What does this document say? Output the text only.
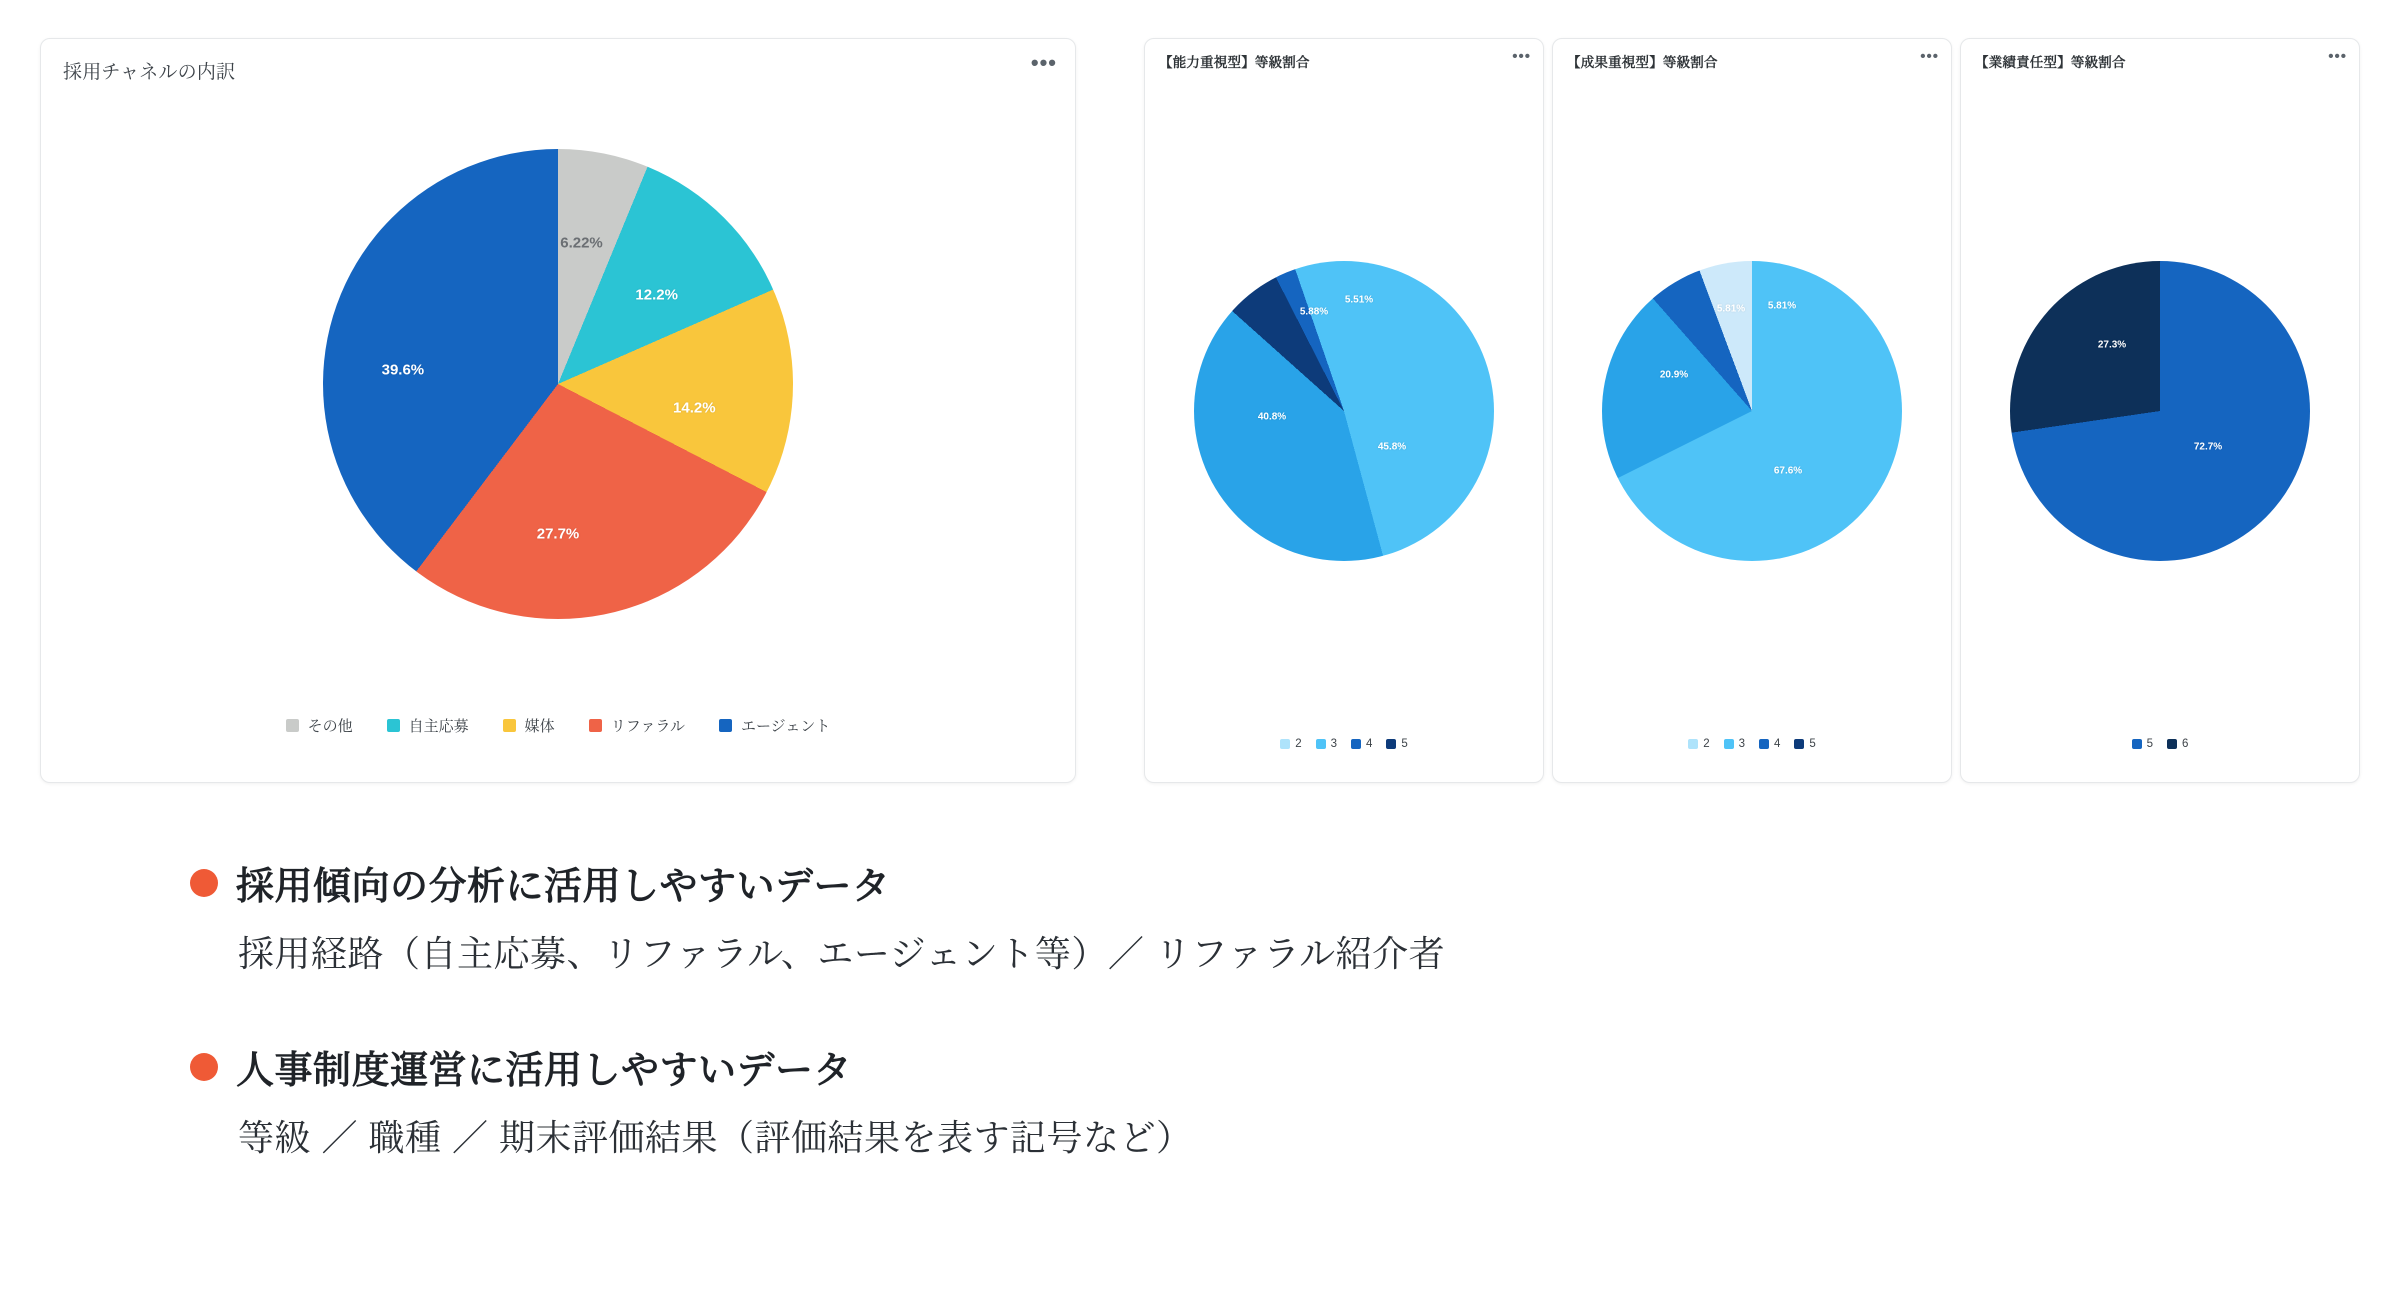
採用チャネルの内訳	•••
6.22%
12.2%
14.2%
27.7%
39.6%
その他	自主応募	媒体	リファラル	エージェント
【能力重視型】等級割合	•••
45.8%
40.8%
5.88%
5.51%
2	3	4	5
【成果重視型】等級割合	•••
67.6%
20.9%
5.81% 5.81%
2	3	4	5
【業績責任型】等級割合	•••
72.7%
27.3%
5	6
採用傾向の分析に活用しやすいデータ
採用経路（自主応募、リファラル、エージェント等）／ リファラル紹介者
人事制度運営に活用しやすいデータ
等級 ／ 職種 ／ 期末評価結果（評価結果を表す記号など）
